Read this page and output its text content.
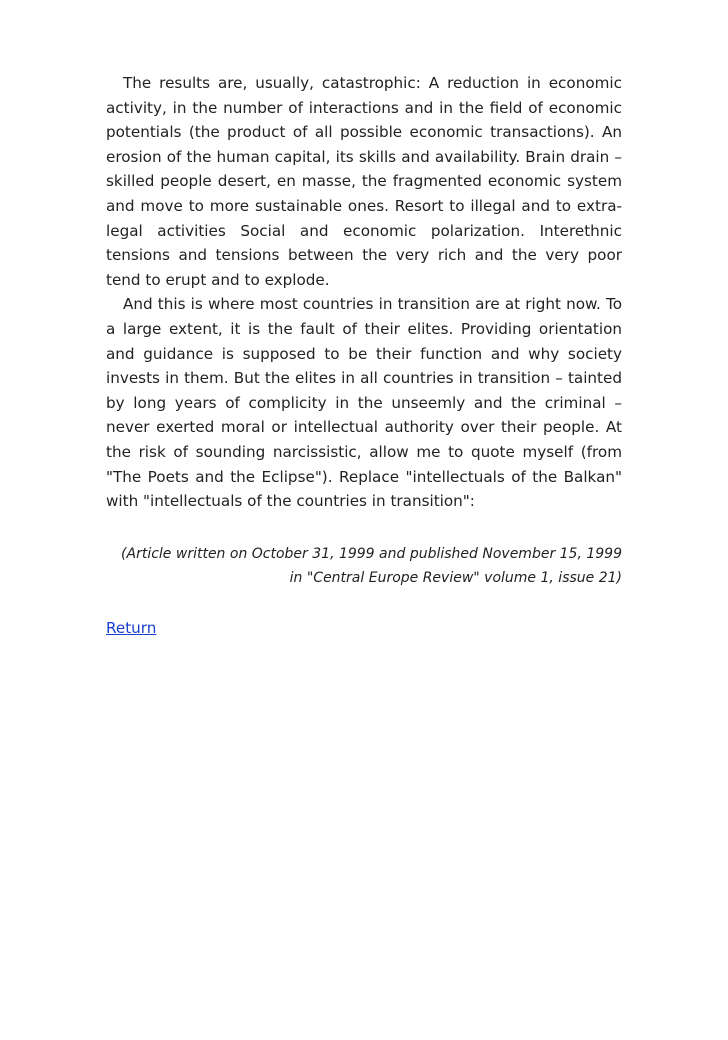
The results are, usually, catastrophic: A reduction in economic activity, in the number of interactions and in the field of economic potentials (the product of all possible economic transactions). An erosion of the human capital, its skills and availability. Brain drain – skilled people desert, en masse, the fragmented economic system and move to more sustainable ones. Resort to illegal and to extra-legal activities Social and economic polarization. Interethnic tensions and tensions between the very rich and the very poor tend to erupt and to explode.

And this is where most countries in transition are at right now. To a large extent, it is the fault of their elites. Providing orientation and guidance is supposed to be their function and why society invests in them. But the elites in all countries in transition – tainted by long years of complicity in the unseemly and the criminal – never exerted moral or intellectual authority over their people. At the risk of sounding narcissistic, allow me to quote myself (from "The Poets and the Eclipse"). Replace "intellectuals of the Balkan" with "intellectuals of the countries in transition":

(Article written on October 31, 1999 and published November 15, 1999
in "Central Europe Review" volume 1, issue 21)

Return
